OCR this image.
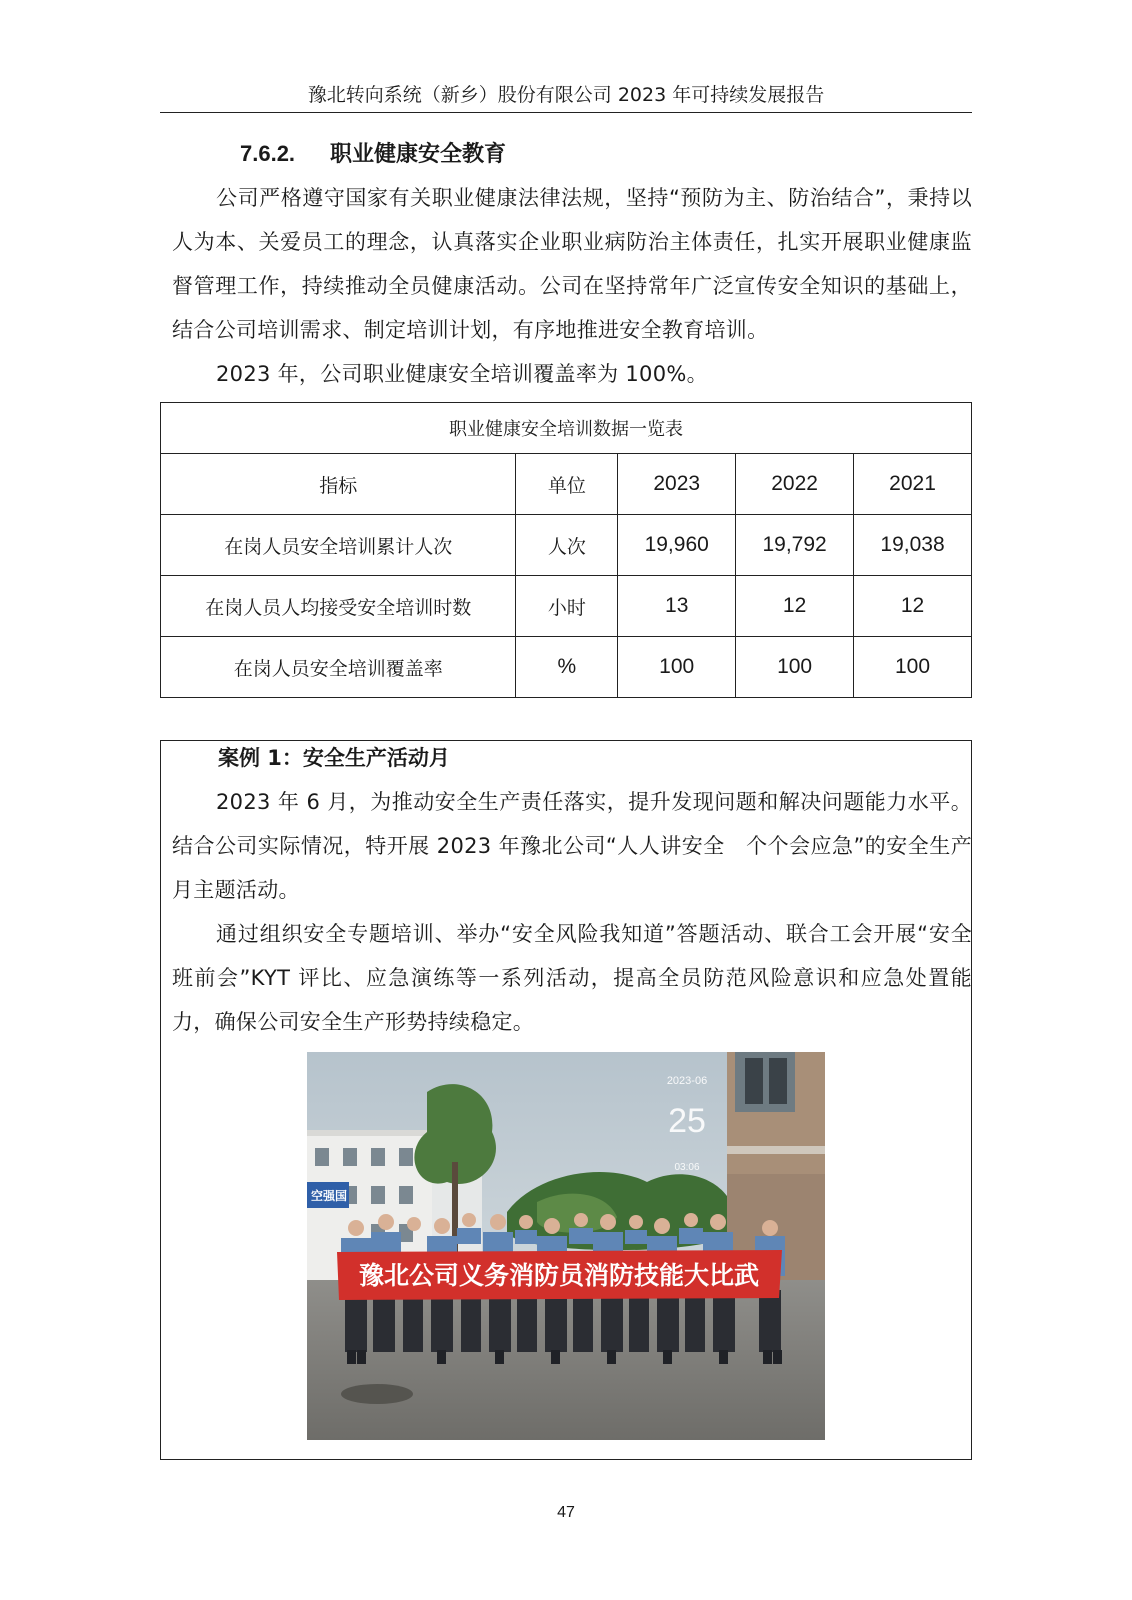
豫北转向系统（新乡）股份有限公司 2023 年可持续发展报告
7.6.2. 职业健康安全教育
公司严格遵守国家有关职业健康法律法规，坚持“预防为主、防治结合”，秉持以人为本、关爱员工的理念，认真落实企业职业病防治主体责任，扎实开展职业健康监督管理工作，持续推动全员健康活动。公司在坚持常年广泛宣传安全知识的基础上，结合公司培训需求、制定培训计划，有序地推进安全教育培训。
2023 年，公司职业健康安全培训覆盖率为 100%。
职业健康安全培训数据一览表				
指标	单位	2023	2022	2021
在岗人员安全培训累计人次	人次	19,960	19,792	19,038
在岗人员人均接受安全培训时数	小时	13	12	12
在岗人员安全培训覆盖率	%	100	100	100
案例 1：安全生产活动月
2023 年 6 月，为推动安全生产责任落实，提升发现问题和解决问题能力水平。结合公司实际情况，特开展 2023 年豫北公司“人人讲安全　个个会应急”的安全生产月主题活动。
通过组织安全专题培训、举办“安全风险我知道”答题活动、联合工会开展“安全班前会”KYT 评比、应急演练等一系列活动，提高全员防范风险意识和应急处置能力，确保公司安全生产形势持续稳定。
空强国
豫北公司义务消防员消防技能大比武
2023-06
25
03:06
47
